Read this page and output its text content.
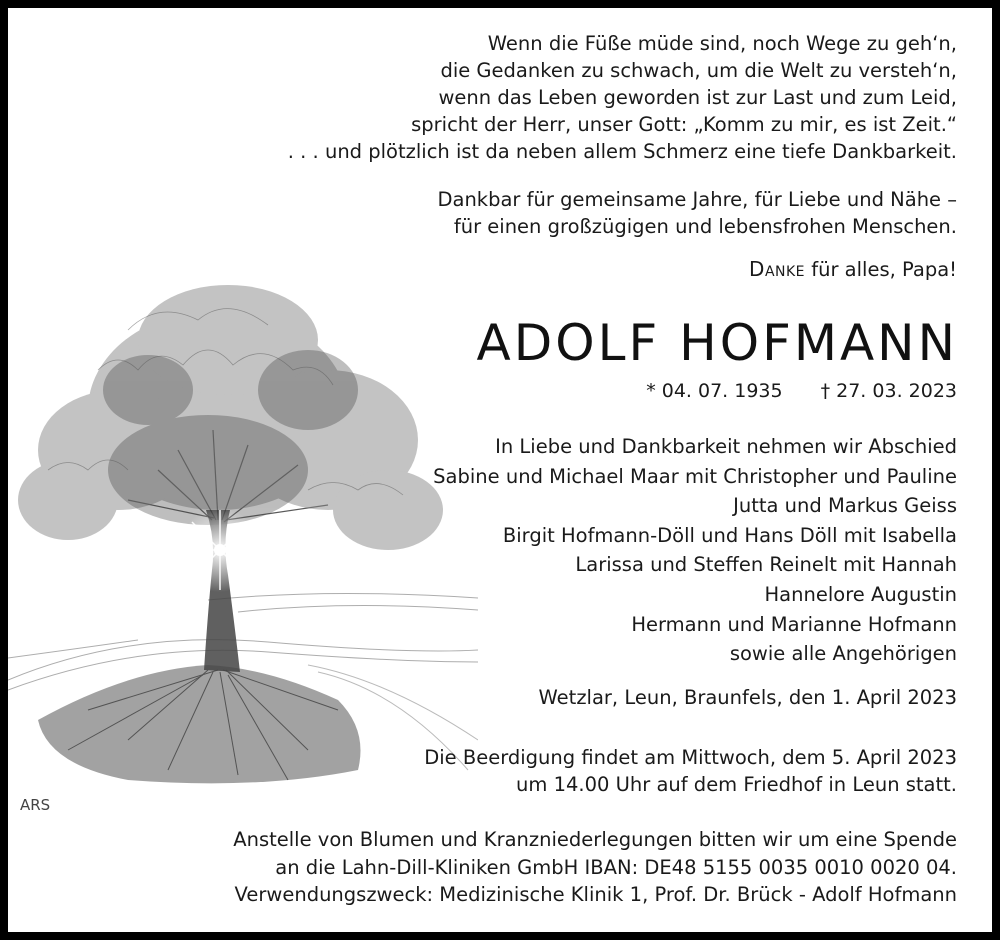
ARS
Wenn die Füße müde sind, noch Wege zu geh‘n,
die Gedanken zu schwach, um die Welt zu versteh‘n,
wenn das Leben geworden ist zur Last und zum Leid,
spricht der Herr, unser Gott: „Komm zu mir, es ist Zeit.“
. . . und plötzlich ist da neben allem Schmerz eine tiefe Dankbarkeit.
Dankbar für gemeinsame Jahre, für Liebe und Nähe –
für einen großzügigen und lebensfrohen Menschen.
Danke für alles, Papa!
ADOLF HOFMANN
* 04. 07. 1935 † 27. 03. 2023
In Liebe und Dankbarkeit nehmen wir Abschied
Sabine und Michael Maar mit Christopher und Pauline
Jutta und Markus Geiss
Birgit Hofmann-Döll und Hans Döll mit Isabella
Larissa und Steffen Reinelt mit Hannah
Hannelore Augustin
Hermann und Marianne Hofmann
sowie alle Angehörigen
Wetzlar, Leun, Braunfels, den 1. April 2023
Die Beerdigung findet am Mittwoch, dem 5. April 2023
um 14.00 Uhr auf dem Friedhof in Leun statt.
Anstelle von Blumen und Kranzniederlegungen bitten wir um eine Spende
an die Lahn-Dill-Kliniken GmbH IBAN: DE48 5155 0035 0010 0020 04.
Verwendungszweck: Medizinische Klinik 1, Prof. Dr. Brück - Adolf Hofmann
